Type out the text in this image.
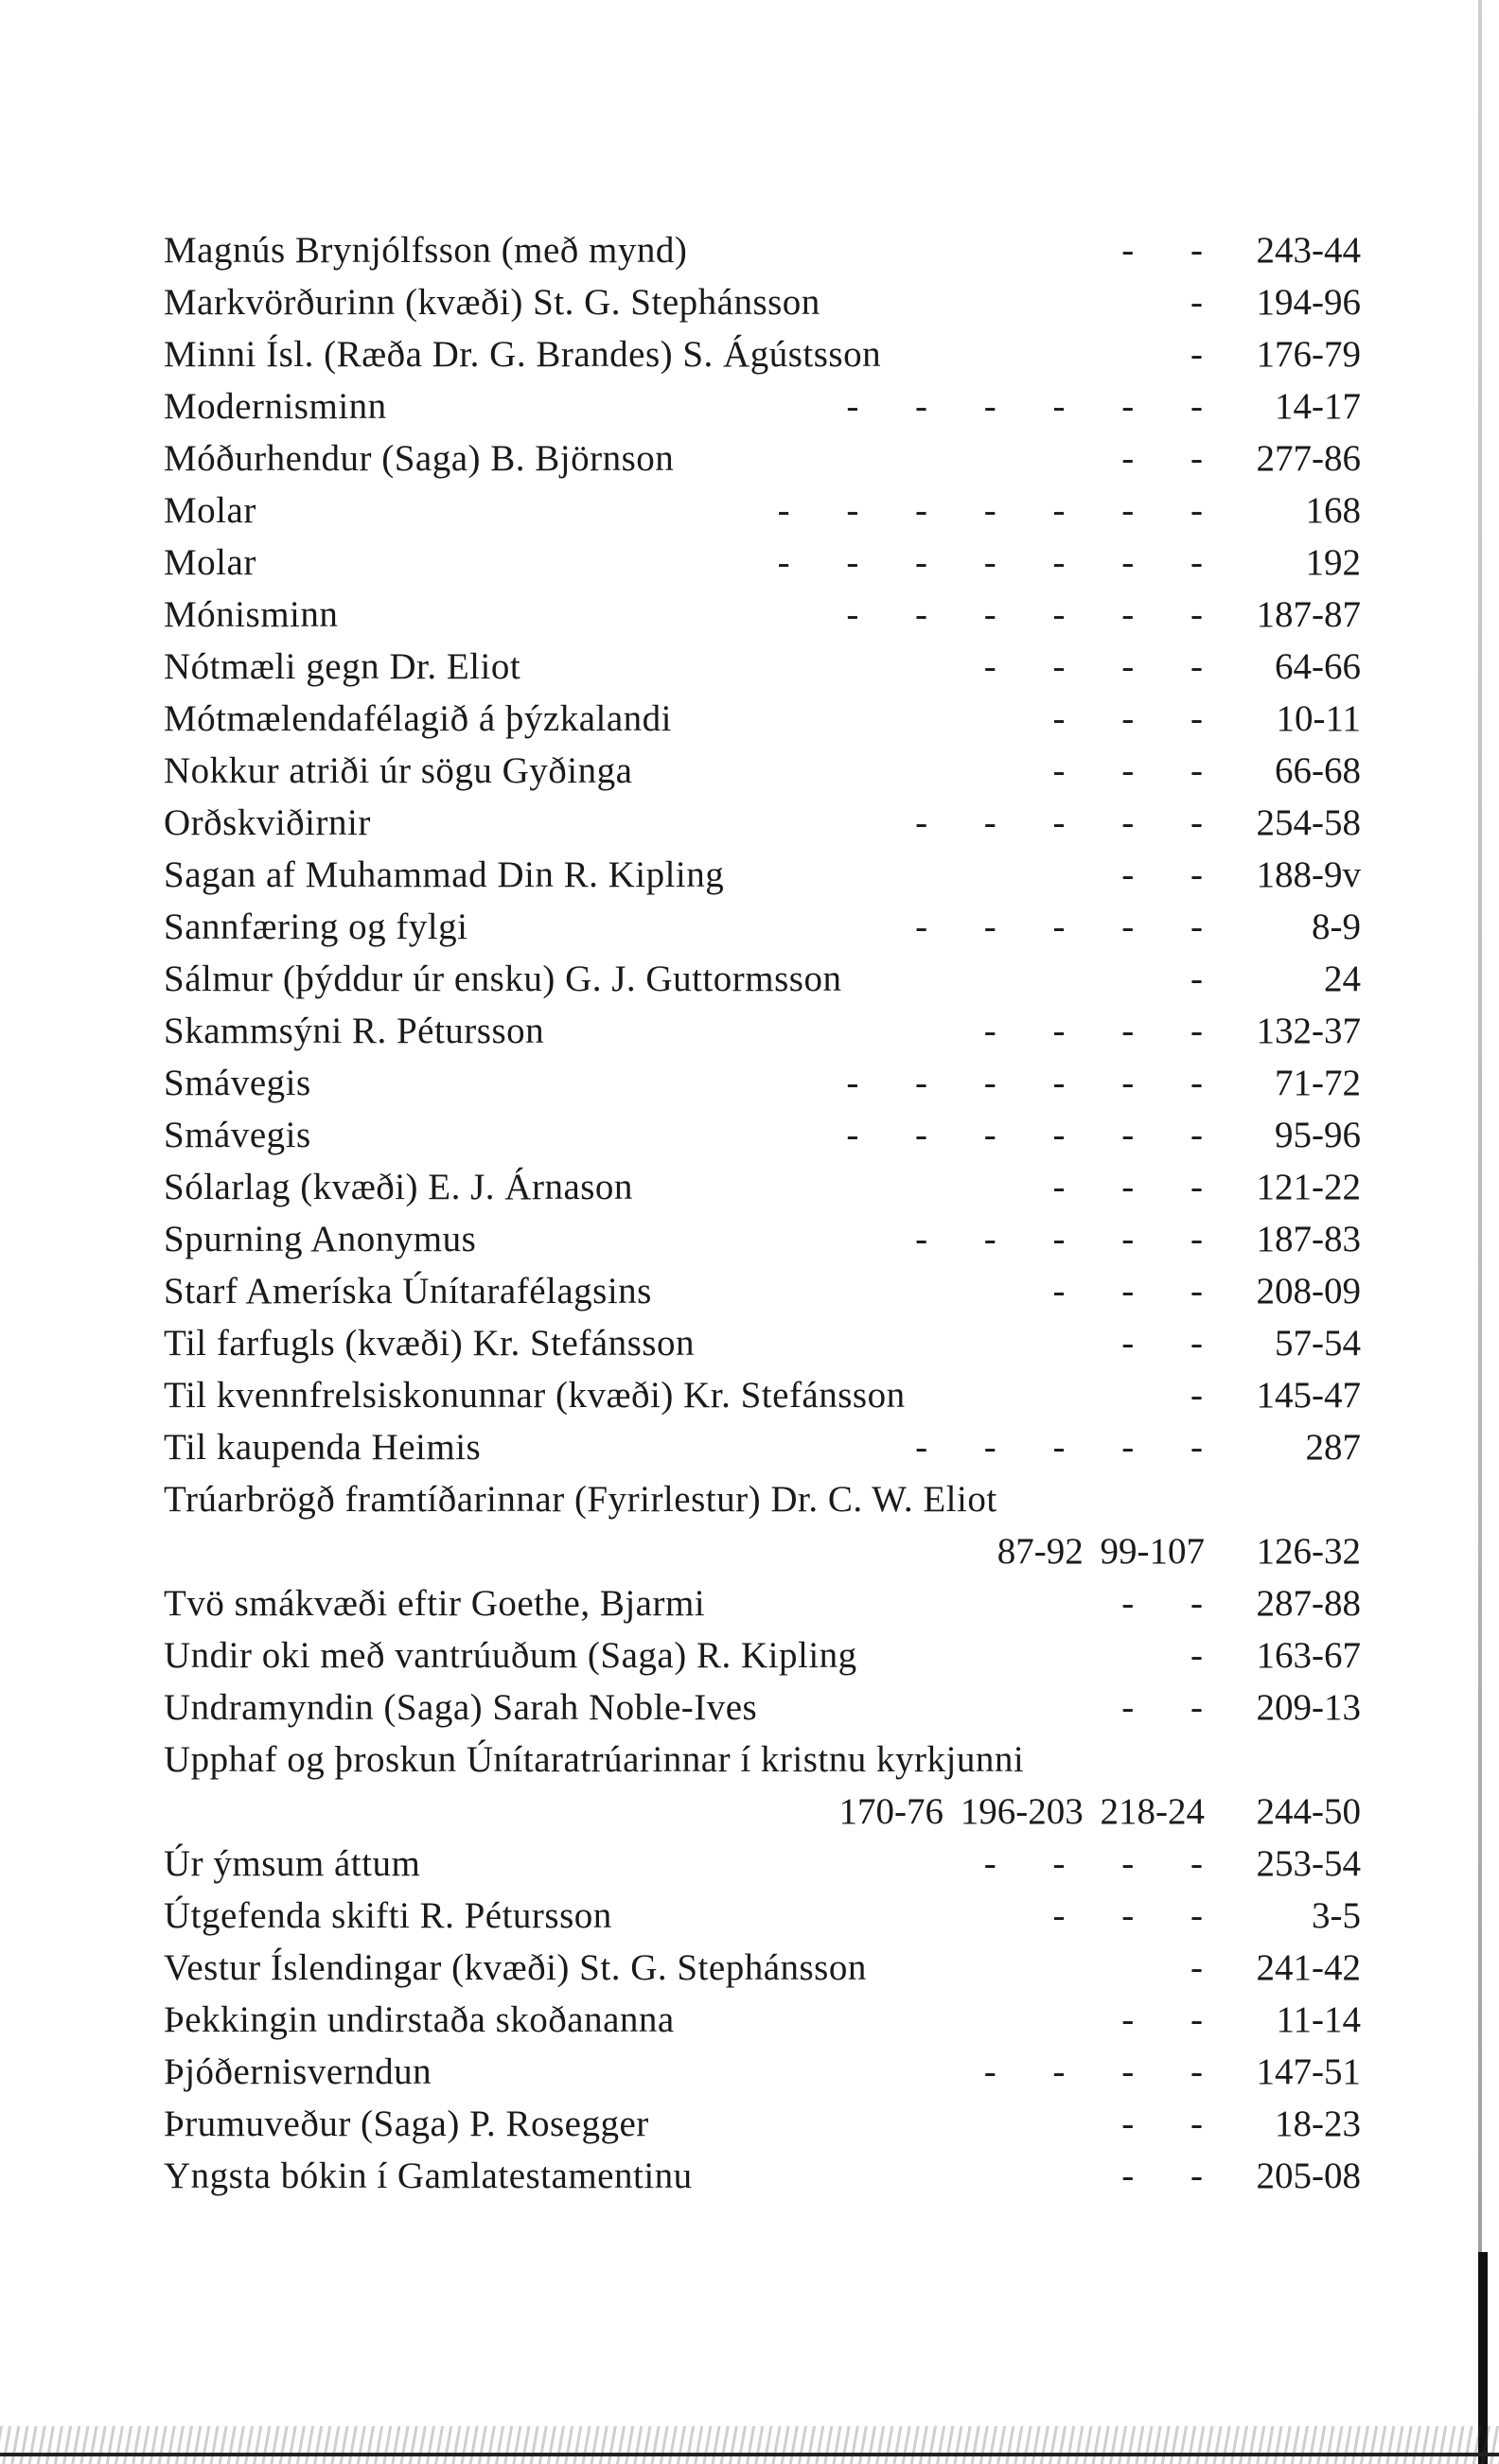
Magnús Brynjólfsson (með mynd)	- - 243-44
Markvörðurinn (kvæði) St. G. Stephánsson	- 194-96
Minni Ísl. (Ræða Dr. G. Brandes) S. Ágústsson	- 176-79
Modernisminn	- - - - - - 14-17
Móðurhendur (Saga) B. Björnson	- - 277-86
Molar	- - - - - - -	168
Molar	- - - - - - -	192
Mónisminn	- - - - - - 187-87
Nótmæli gegn Dr. Eliot	- - - - 64-66
Mótmælendafélagið á þýzkalandi	- - - 10-11
Nokkur atriði úr sögu Gyðinga	- - - 66-68
Orðskviðirnir	- - - - - 254-58
Sagan af Muhammad Din R. Kipling	- - 188-9v
Sannfæring og fylgi	- - - - -	8-9
Sálmur (þýddur úr ensku) G. J. Guttormsson	-	24
Skammsýni R. Pétursson	- - - - 132-37
Smávegis	- - - - - - 71-72
Smávegis	- - - - - - 95-96
Sólarlag (kvæði) E. J. Árnason	- - - 121-22
Spurning Anonymus	- - - - - 187-83
Starf Ameríska Únítarafélagsins	- - - 208-09
Til farfugls (kvæði) Kr. Stefánsson	- - 57-54
Til kvennfrelsiskonunnar (kvæði) Kr. Stefánsson	- 145-47
Til kaupenda Heimis	- - - - -	287
Trúarbrögð framtíðarinnar (Fyrirlestur) Dr. C. W. Eliot
87-92 99-107 126-32
Tvö smákvæði eftir Goethe, Bjarmi	- - 287-88
Undir oki með vantrúuðum (Saga) R. Kipling	- 163-67
Undramyndin (Saga) Sarah Noble-Ives	- - 209-13
Upphaf og þroskun Únítaratrúarinnar í kristnu kyrkjunni
170-76 196-203 218-24 244-50
Úr ýmsum áttum	- - - - 253-54
Útgefenda skifti R. Pétursson	- - -	3-5
Vestur Íslendingar (kvæði) St. G. Stephánsson	- 241-42
Þekkingin undirstaða skoðananna	- - 11-14
Þjóðernisverndun	- - - - 147-51
Þrumuveður (Saga) P. Rosegger	- - 18-23
Yngsta bókin í Gamlatestamentinu	- - 205-08
